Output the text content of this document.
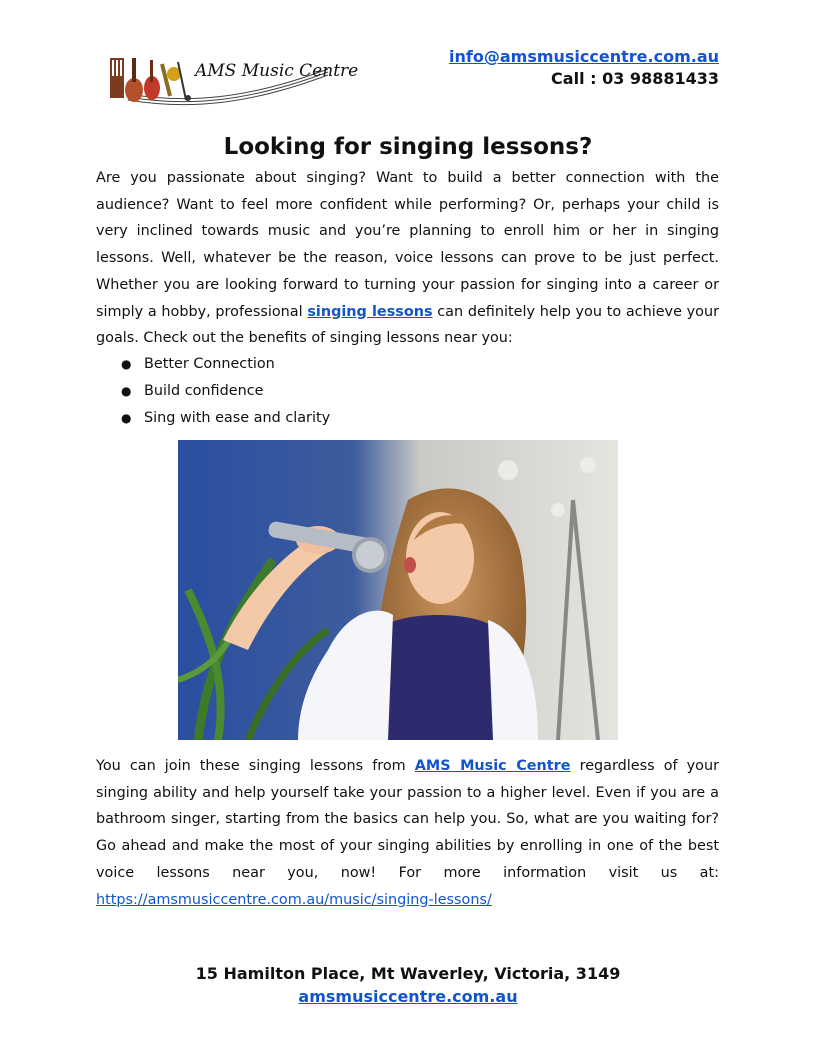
AMS Music Centre
info@amsmusiccentre.com.au
Call : 03 98881433
Looking for singing lessons?

Are you passionate about singing? Want to build a better connection with the audience? Want to feel more confident while performing? Or, perhaps your child is very inclined towards music and you’re planning to enroll him or her in singing lessons. Well, whatever be the reason, voice lessons can prove to be just perfect. Whether you are looking forward to turning your passion for singing into a career or simply a hobby, professional singing lessons can definitely help you to achieve your goals. Check out the benefits of singing lessons near you:

● Better Connection
● Build confidence
● Sing with ease and clarity

You can join these singing lessons from AMS Music Centre regardless of your singing ability and help yourself take your passion to a higher level. Even if you are a bathroom singer, starting from the basics can help you. So, what are you waiting for? Go ahead and make the most of your singing abilities by enrolling in one of the best voice lessons near you, now! For more information visit us at: https://amsmusiccentre.com.au/music/singing-lessons/

15 Hamilton Place, Mt Waverley, Victoria, 3149
amsmusiccentre.com.au
